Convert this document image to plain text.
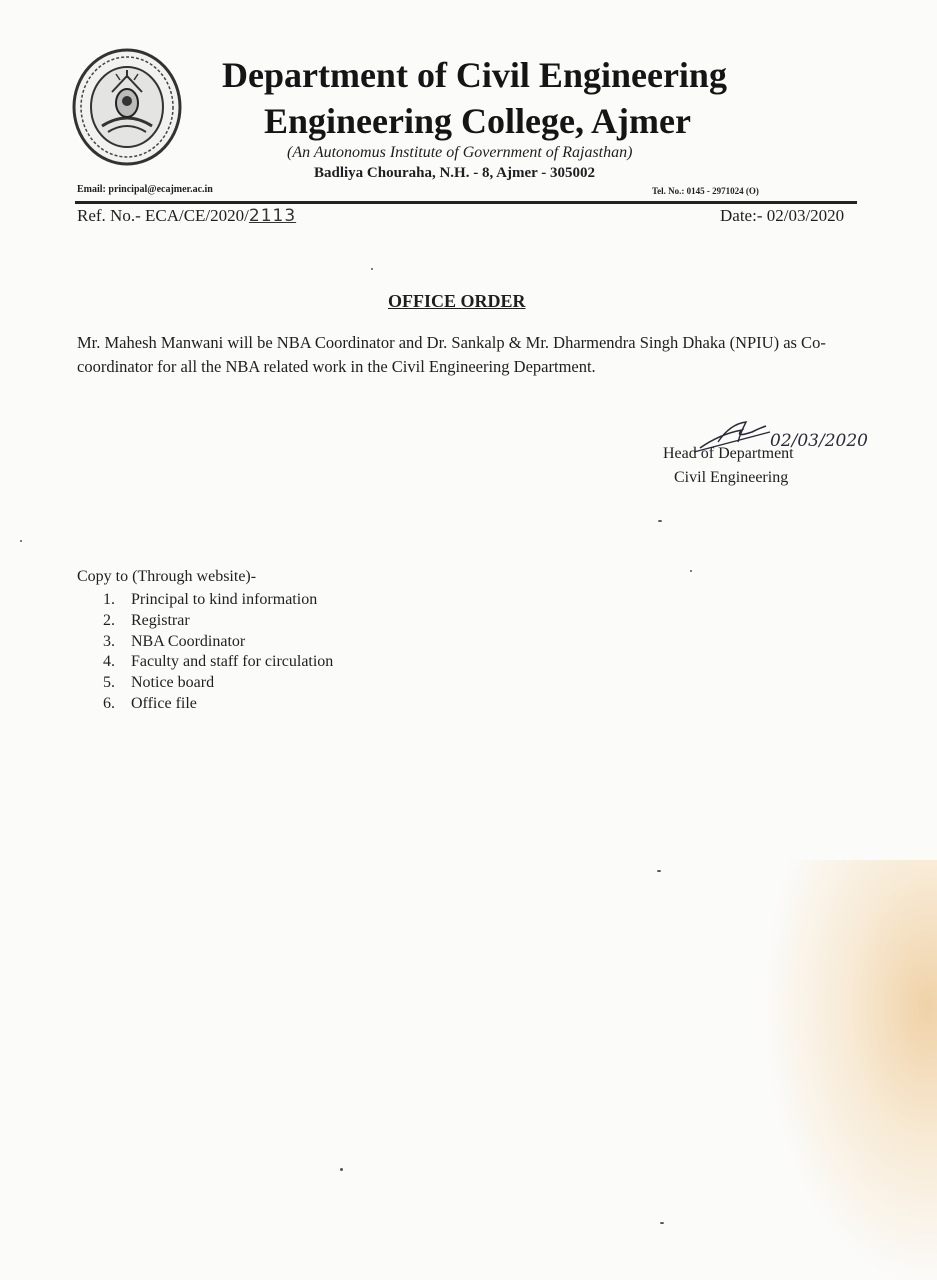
Department of Civil Engineering
Engineering College, Ajmer
(An Autonomus Institute of Government of Rajasthan)
Badliya Chouraha, N.H. - 8, Ajmer - 305002
Email: principal@ecajmer.ac.in	Tel. No.: 0145 - 2971024 (O)
Ref. No.- ECA/CE/2020/2113	Date:- 02/03/2020
OFFICE ORDER
Mr. Mahesh Manwani will be NBA Coordinator and Dr. Sankalp & Mr. Dharmendra Singh Dhaka (NPIU) as Co- coordinator for all the NBA related work in the Civil Engineering Department.
02/03/2020
Head of Department
Civil Engineering
Copy to (Through website)-
1. Principal to kind information
2. Registrar
3. NBA Coordinator
4. Faculty and staff for circulation
5. Notice board
6. Office file
